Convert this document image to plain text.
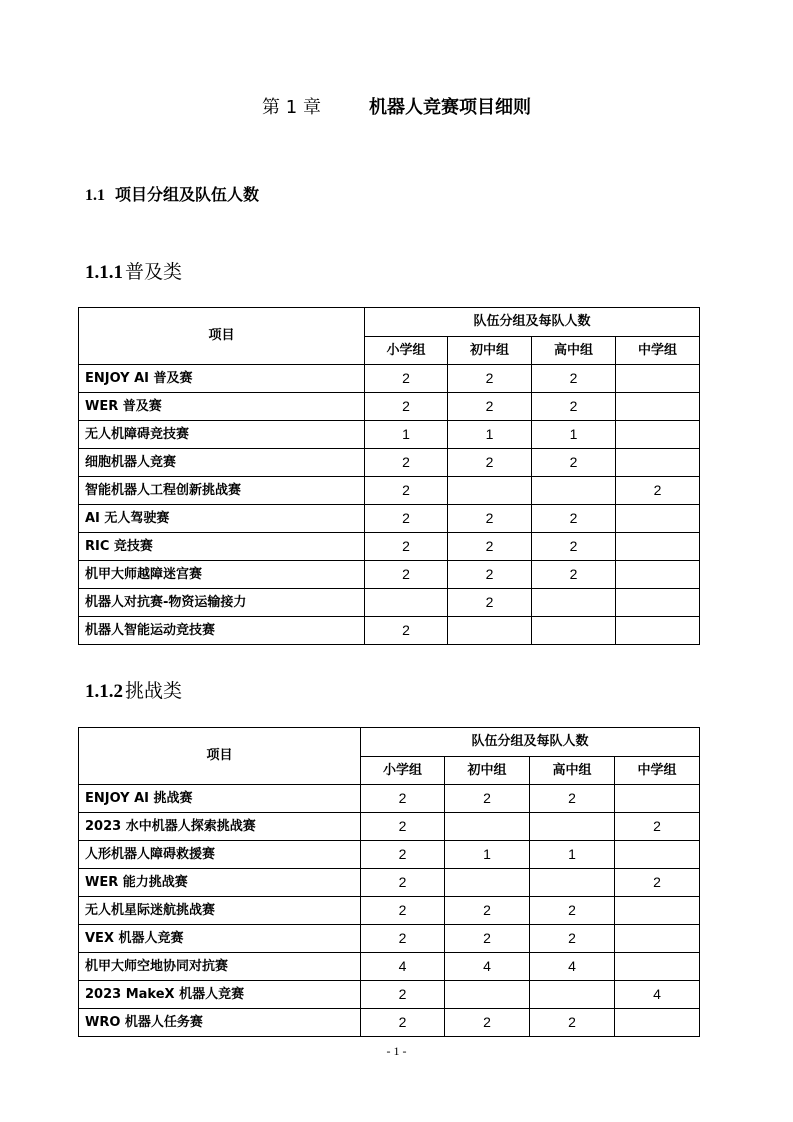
第 1 章	机器人竞赛项目细则
1.1 项目分组及队伍人数
1.1.1 普及类
项目	队伍分组及每队人数			
	小学组	初中组	高中组	中学组
ENJOY AI 普及赛	2	2	2	
WER 普及赛	2	2	2	
无人机障碍竞技赛	1	1	1	
细胞机器人竞赛	2	2	2	
智能机器人工程创新挑战赛	2			2
AI 无人驾驶赛	2	2	2	
RIC 竞技赛	2	2	2	
机甲大师越障迷宫赛	2	2	2	
机器人对抗赛-物资运输接力		2		
机器人智能运动竞技赛	2			
1.1.2 挑战类
项目	队伍分组及每队人数			
	小学组	初中组	高中组	中学组
ENJOY AI 挑战赛	2	2	2	
2023 水中机器人探索挑战赛	2			2
人形机器人障碍救援赛	2	1	1	
WER 能力挑战赛	2			2
无人机星际迷航挑战赛	2	2	2	
VEX 机器人竞赛	2	2	2	
机甲大师空地协同对抗赛	4	4	4	
2023 MakeX 机器人竞赛	2			4
WRO 机器人任务赛	2	2	2	
- 1 -
